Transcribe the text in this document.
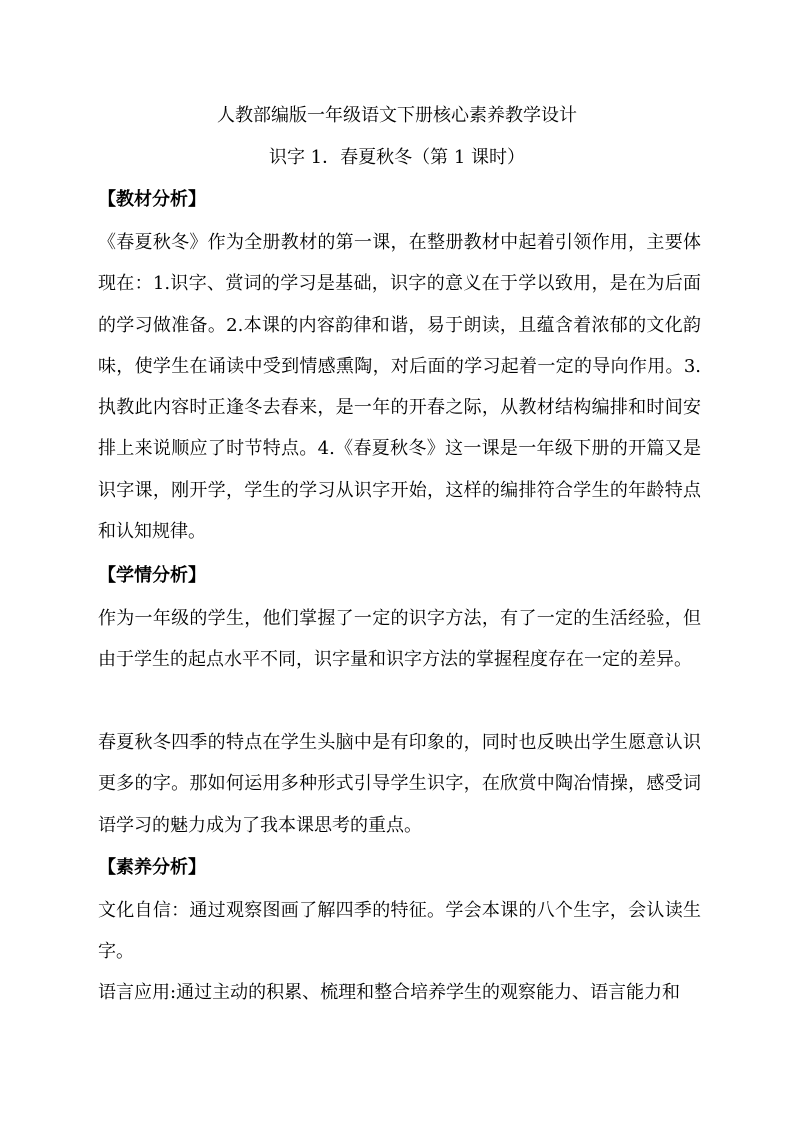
人教部编版一年级语文下册核心素养教学设计
识字 1．春夏秋冬（第 1 课时）
【教材分析】

《春夏秋冬》作为全册教材的第一课，在整册教材中起着引领作用，主要体现在：1.识字、赏词的学习是基础，识字的意义在于学以致用，是在为后面的学习做准备。2.本课的内容韵律和谐，易于朗读，且蕴含着浓郁的文化韵味，使学生在诵读中受到情感熏陶，对后面的学习起着一定的导向作用。3.执教此内容时正逢冬去春来，是一年的开春之际，从教材结构编排和时间安排上来说顺应了时节特点。4.《春夏秋冬》这一课是一年级下册的开篇又是识字课，刚开学，学生的学习从识字开始，这样的编排符合学生的年龄特点和认知规律。

【学情分析】

作为一年级的学生，他们掌握了一定的识字方法，有了一定的生活经验，但由于学生的起点水平不同，识字量和识字方法的掌握程度存在一定的差异。

春夏秋冬四季的特点在学生头脑中是有印象的，同时也反映出学生愿意认识更多的字。那如何运用多种形式引导学生识字，在欣赏中陶冶情操，感受词语学习的魅力成为了我本课思考的重点。

【素养分析】

文化自信：通过观察图画了解四季的特征。学会本课的八个生字，会认读生字。

语言应用:通过主动的积累、梳理和整合培养学生的观察能力、语言能力和
